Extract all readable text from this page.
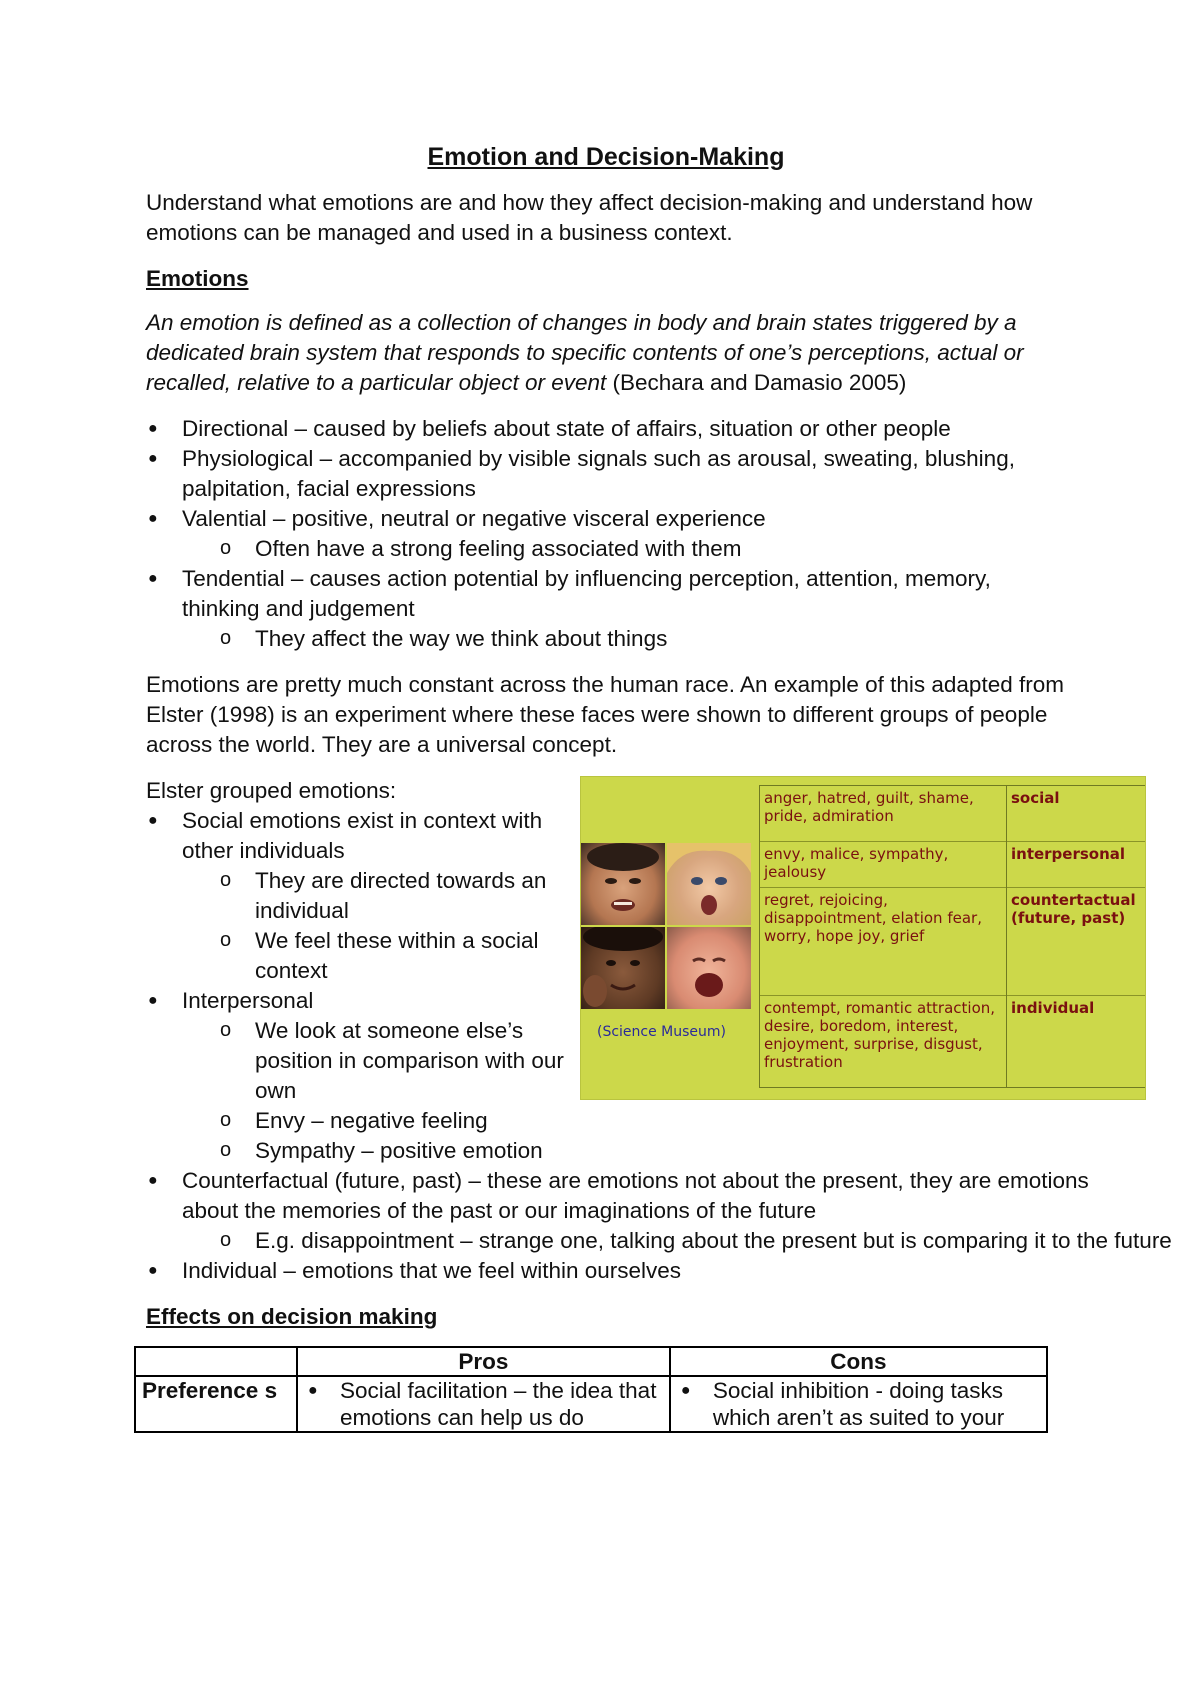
Emotion and Decision-Making

Understand what emotions are and how they affect decision-making and understand how emotions can be managed and used in a business context.

Emotions

An emotion is defined as a collection of changes in body and brain states triggered by a dedicated brain system that responds to specific contents of one’s perceptions, actual or recalled, relative to a particular object or event (Bechara and Damasio 2005)

● Directional – caused by beliefs about state of affairs, situation or other people
● Physiological – accompanied by visible signals such as arousal, sweating, blushing, palpitation, facial expressions
● Valential – positive, neutral or negative visceral experience
o Often have a strong feeling associated with them
● Tendential – causes action potential by influencing perception, attention, memory, thinking and judgement
o They affect the way we think about things

Emotions are pretty much constant across the human race. An example of this adapted from Elster (1998) is an experiment where these faces were shown to different groups of people across the world. They are a universal concept.

Elster grouped emotions:
● Social emotions exist in context with other individuals
o They are directed towards an individual
o We feel these within a social context
● Interpersonal
o We look at someone else’s position in comparison with our own
o Envy – negative feeling
o Sympathy – positive emotion
● Counterfactual (future, past) – these are emotions not about the present, they are emotions about the memories of the past or our imaginations of the future
o E.g. disappointment – strange one, talking about the present but is comparing it to the future
● Individual – emotions that we feel within ourselves
(Science Museum)
anger, hatred, guilt, shame, pride, admiration	social
envy, malice, sympathy, jealousy	interpersonal
regret, rejoicing, disappointment, elation fear, worry, hope joy, grief	countertactual (future, past)
contempt, romantic attraction, desire, boredom, interest, enjoyment, surprise, disgust, frustration	individual
Effects on decision making
	Pros	Cons
Preference s	● Social facilitation – the idea that emotions can help us do	● Social inhibition - doing tasks which aren’t as suited to your
